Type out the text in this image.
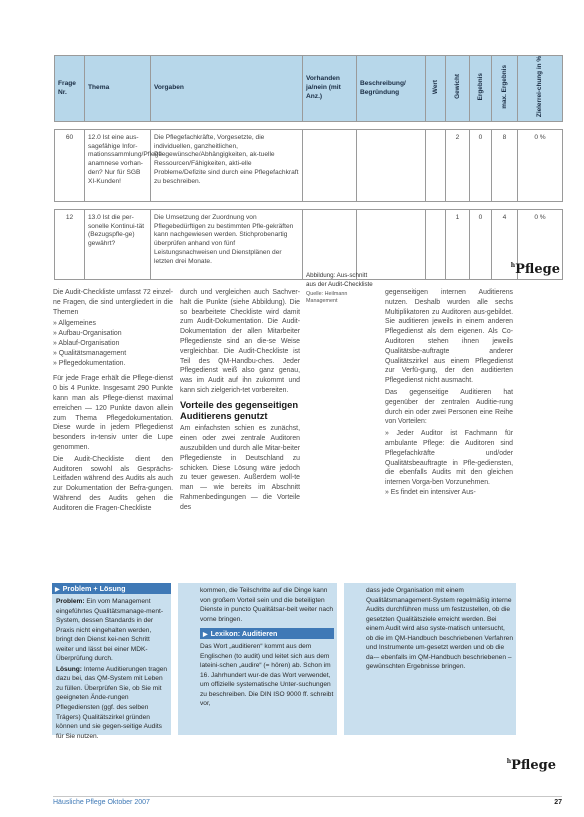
Frage Nr.	Thema	Vorgaben	Vorhanden ja/nein (mit Anz.)	Beschreibung/ Begründung	Wert	Gewicht	Ergebnis	max. Ergebnis	Zielerrei-chung in %

60	12.0 Ist eine aus-sagefähige Infor-mationssammlung/Pflege-anamnese vorhan-den? Nur für SGB XI-Kunden!	Die Pflegefachkräfte, Vorgesetzte, die individuellen, ganzheitlichen, Pflegewünsche/Abhängigkeiten, ak-tuelle Ressourcen/Fähigkeiten, akti-elle Probleme/Defizite sind durch eine Pflegefachkraft zu beschreiben.				2	0	8	0 %

12	13.0 Ist die per-sonelle Kontinui-tät (Bezugspfle-ge) gewährt?	Die Umsetzung der Zuordnung von Pflegebedürftigen zu bestimmten Pfle-gekräften kann nachgewiesen werden. Stichprobenartig überprüfen anhand von fünf Leistungsnachweisen und Dienstplänen der letzten drei Monate.				1	0	4	0 %
$^h$Pflege

Die Audit-Checkliste umfasst 72 einzel-ne Fragen, die sind untergliedert in die Themen

» Allgemeines
» Aufbau-Organisation
» Ablauf-Organisation
» Qualitätsmanagement
» Pflegedokumentation.

Für jede Frage erhält die Pflege-dienst 0 bis 4 Punkte. Insgesamt 290 Punkte kann man als Pflege-dienst maximal erreichen — 120 Punkte davon allein zum Thema Pflegedokumentation. Diese wurde in jedem Pflegedienst besonders in-tensiv unter die Lupe genommen.

Die Audit-Checkliste dient den Auditoren sowohl als Gesprächs-Leitfaden während des Audits als auch zur Dokumentation der Befra-gungen. Während des Audits gehen die Auditoren die Fragen-Checkliste

durch und vergleichen auch Sachver-halt die Punkte (siehe Abbildung). Die so bearbeitete Checkliste wird damit zum Audit-Dokumentation. Die Audit-Dokumentation der allen Mitarbeiter Pflegedienste sind an die-se Weise vergleichbar. Die Audit-Checkliste ist Teil des QM-Handbu-ches. Jeder Pflegedienst weiß also ganz genau, was im Audit auf ihn zukommt und kann sich zielgerich-tet vorbereiten.

Vorteile des gegenseitigen Auditierens genutzt

Am einfachsten schien es zunächst, einen oder zwei zentrale Auditoren auszubilden und durch alle Mitar-beiter Pflegedienste in Deutschland zu schicken. Diese Lösung wäre jedoch zu teuer gewesen. Außerdem woll-te man — wie bereits im Abschnitt Rahmenbedingungen — die Vorteile des

Abbildung: Aus-schnitt aus der Audit-Checkliste
Quelle: Heilmann Management

gegenseitigen internen Auditierens nutzen. Deshalb wurden alle sechs Multiplikatoren zu Auditoren aus-gebildet. Sie auditieren jeweils in einem anderen Pflegedienst als dem eigenen. Als Co-Auditoren stehen ihnen jeweils Qualitätsbe-auftragte anderer Qualitätszirkel aus einem Pflegedienst zur Verfü-gung, der den auditierten Pflegedienst nicht ausmacht.

Das gegenseitige Auditieren hat gegenüber der zentralen Auditie-rung durch ein oder zwei Personen eine Reihe von Vorteilen:

» Jeder Auditor ist Fachmann für ambulante Pflege: die Auditoren sind Pflegefachkräfte und/oder Qualitätsbeauftragte in Pfle-gediensten, die ebenfalls Audits mit den gleichen internen Vorga-ben Vorzunehmen.
» Es findet ein intensiver Aus-
▶ Problem + Lösung

Problem: Ein vom Management eingeführtes Qualitätsmanage-ment-System, dessen Standards in der Praxis nicht eingehalten werden, bringt den Dienst kei-nen Schritt weiter und lässt bei einer MDK-Überprüfung durch.

Lösung: Interne Auditierungen tragen dazu bei, das QM-System mit Leben zu füllen. Überprüfen Sie, ob Sie mit geeigneten Ände-rungen Pflegediensten (ggf. des selben Trägers) Qualitätszirkel gründen können und sie gegen-seitige Audits für Sie nutzen.

kommen, die Teilschritte auf die Dinge kann von großem Vorteil sein und die beteiligten Dienste in puncto Qualitätsar-beit weiter nach vorne bringen.

▶ Lexikon: Auditieren

Das Wort „auditieren“ kommt aus dem Englischen (to audit) und leitet sich aus dem lateini-schen „audire“ (= hören) ab. Schon im 16. Jahrhundert wur-de das Wort verwendet, um offizielle systematische Unter-suchungen zu beschreiben. Die DIN ISO 9000 ff. schreibt vor,

dass jede Organisation mit einem Qualitätsmanagement-System regelmäßig interne Audits durchführen muss um festzustellen, ob die gesetzten Qualitätsziele erreicht werden. Bei einem Audit wird also syste-matisch untersucht, ob die im QM-Handbuch beschriebenen Verfahren und Instrumente um-gesetzt werden und ob die da-– ebenfalls im QM-Handbuch beschriebenen – gewünschten Ergebnisse bringen.

$^h$Pflege
Häusliche Pflege Oktober 2007	27
